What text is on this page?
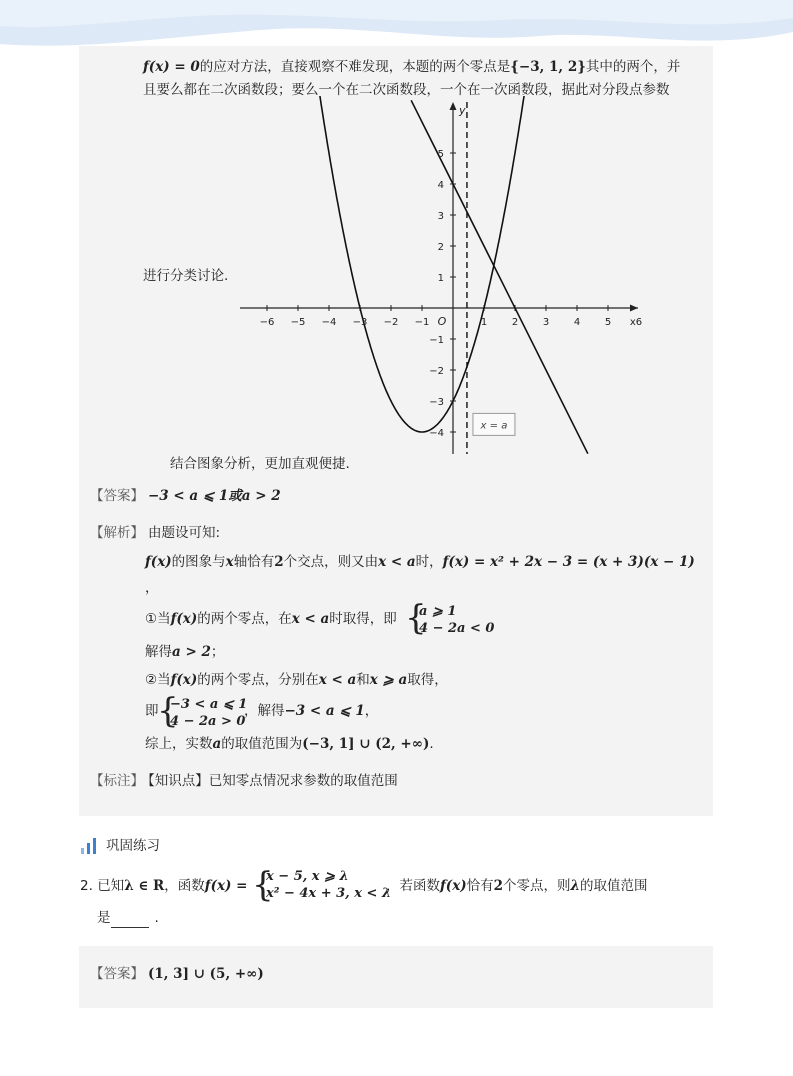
f(x) = 0的应对方法，直接观察不难发现，本题的两个零点是{−3, 1, 2}其中的两个，并
且要么都在二次函数段；要么一个在二次函数段，一个在一次函数段，据此对分段点参数
进行分类讨论.
−6 −5 −4 −3 −2 −1	1 2 3 4 5 x6
5
4
3
2
1
−1
−2
−3
−4
O
y
x = a
结合图象分析，更加直观便捷.
【答案】 −3 < a ⩽ 1或a > 2
【解析】 由题设可知:
f(x)的图象与x轴恰有2个交点，则又由x < a时，f(x) = x² + 2x − 3 = (x + 3)(x − 1)
，
①当f(x)的两个零点，在x < a时取得，即 {
a ⩾ 1
4 − 2a < 0
解得a > 2；
②当f(x)的两个零点，分别在x < a和x ⩾ a取得，
即
{
−3 < a ⩽ 1
4 − 2a > 0
，解得−3 < a ⩽ 1，
综上，实数a的取值范围为(−3, 1] ∪ (2, +∞).
【标注】 【知识点】已知零点情况求参数的取值范围
巩固练习
2. 已知λ ∈ R，函数f(x) = {
x − 5, x ⩾ λ
x² − 4x + 3, x < λ
，若函数f(x)恰有2个零点，则λ的取值范围
是	.
【答案】 (1, 3] ∪ (5, +∞)
